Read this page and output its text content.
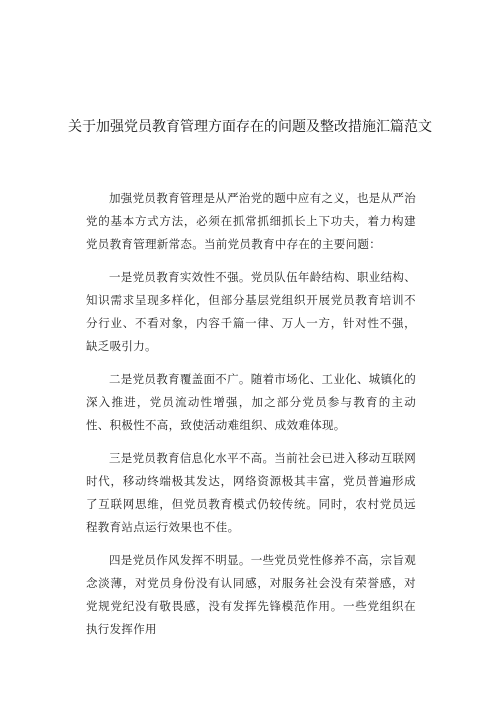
关于加强党员教育管理方面存在的问题及整改措施汇篇范文

加强党员教育管理是从严治党的题中应有之义，也是从严治党的基本方式方法，必须在抓常抓细抓长上下功夫，着力构建党员教育管理新常态。当前党员教育中存在的主要问题：

一是党员教育实效性不强。党员队伍年龄结构、职业结构、知识需求呈现多样化，但部分基层党组织开展党员教育培训不分行业、不看对象，内容千篇一律、万人一方，针对性不强，缺乏吸引力。

二是党员教育覆盖面不广。随着市场化、工业化、城镇化的深入推进，党员流动性增强，加之部分党员参与教育的主动性、积极性不高，致使活动难组织、成效难体现。

三是党员教育信息化水平不高。当前社会已进入移动互联网时代，移动终端极其发达，网络资源极其丰富，党员普遍形成了互联网思维，但党员教育模式仍较传统。同时，农村党员远程教育站点运行效果也不佳。

四是党员作风发挥不明显。一些党员党性修养不高，宗旨观念淡薄，对党员身份没有认同感，对服务社会没有荣誉感，对党规党纪没有敬畏感，没有发挥先锋模范作用。一些党组织在执行发挥作用
